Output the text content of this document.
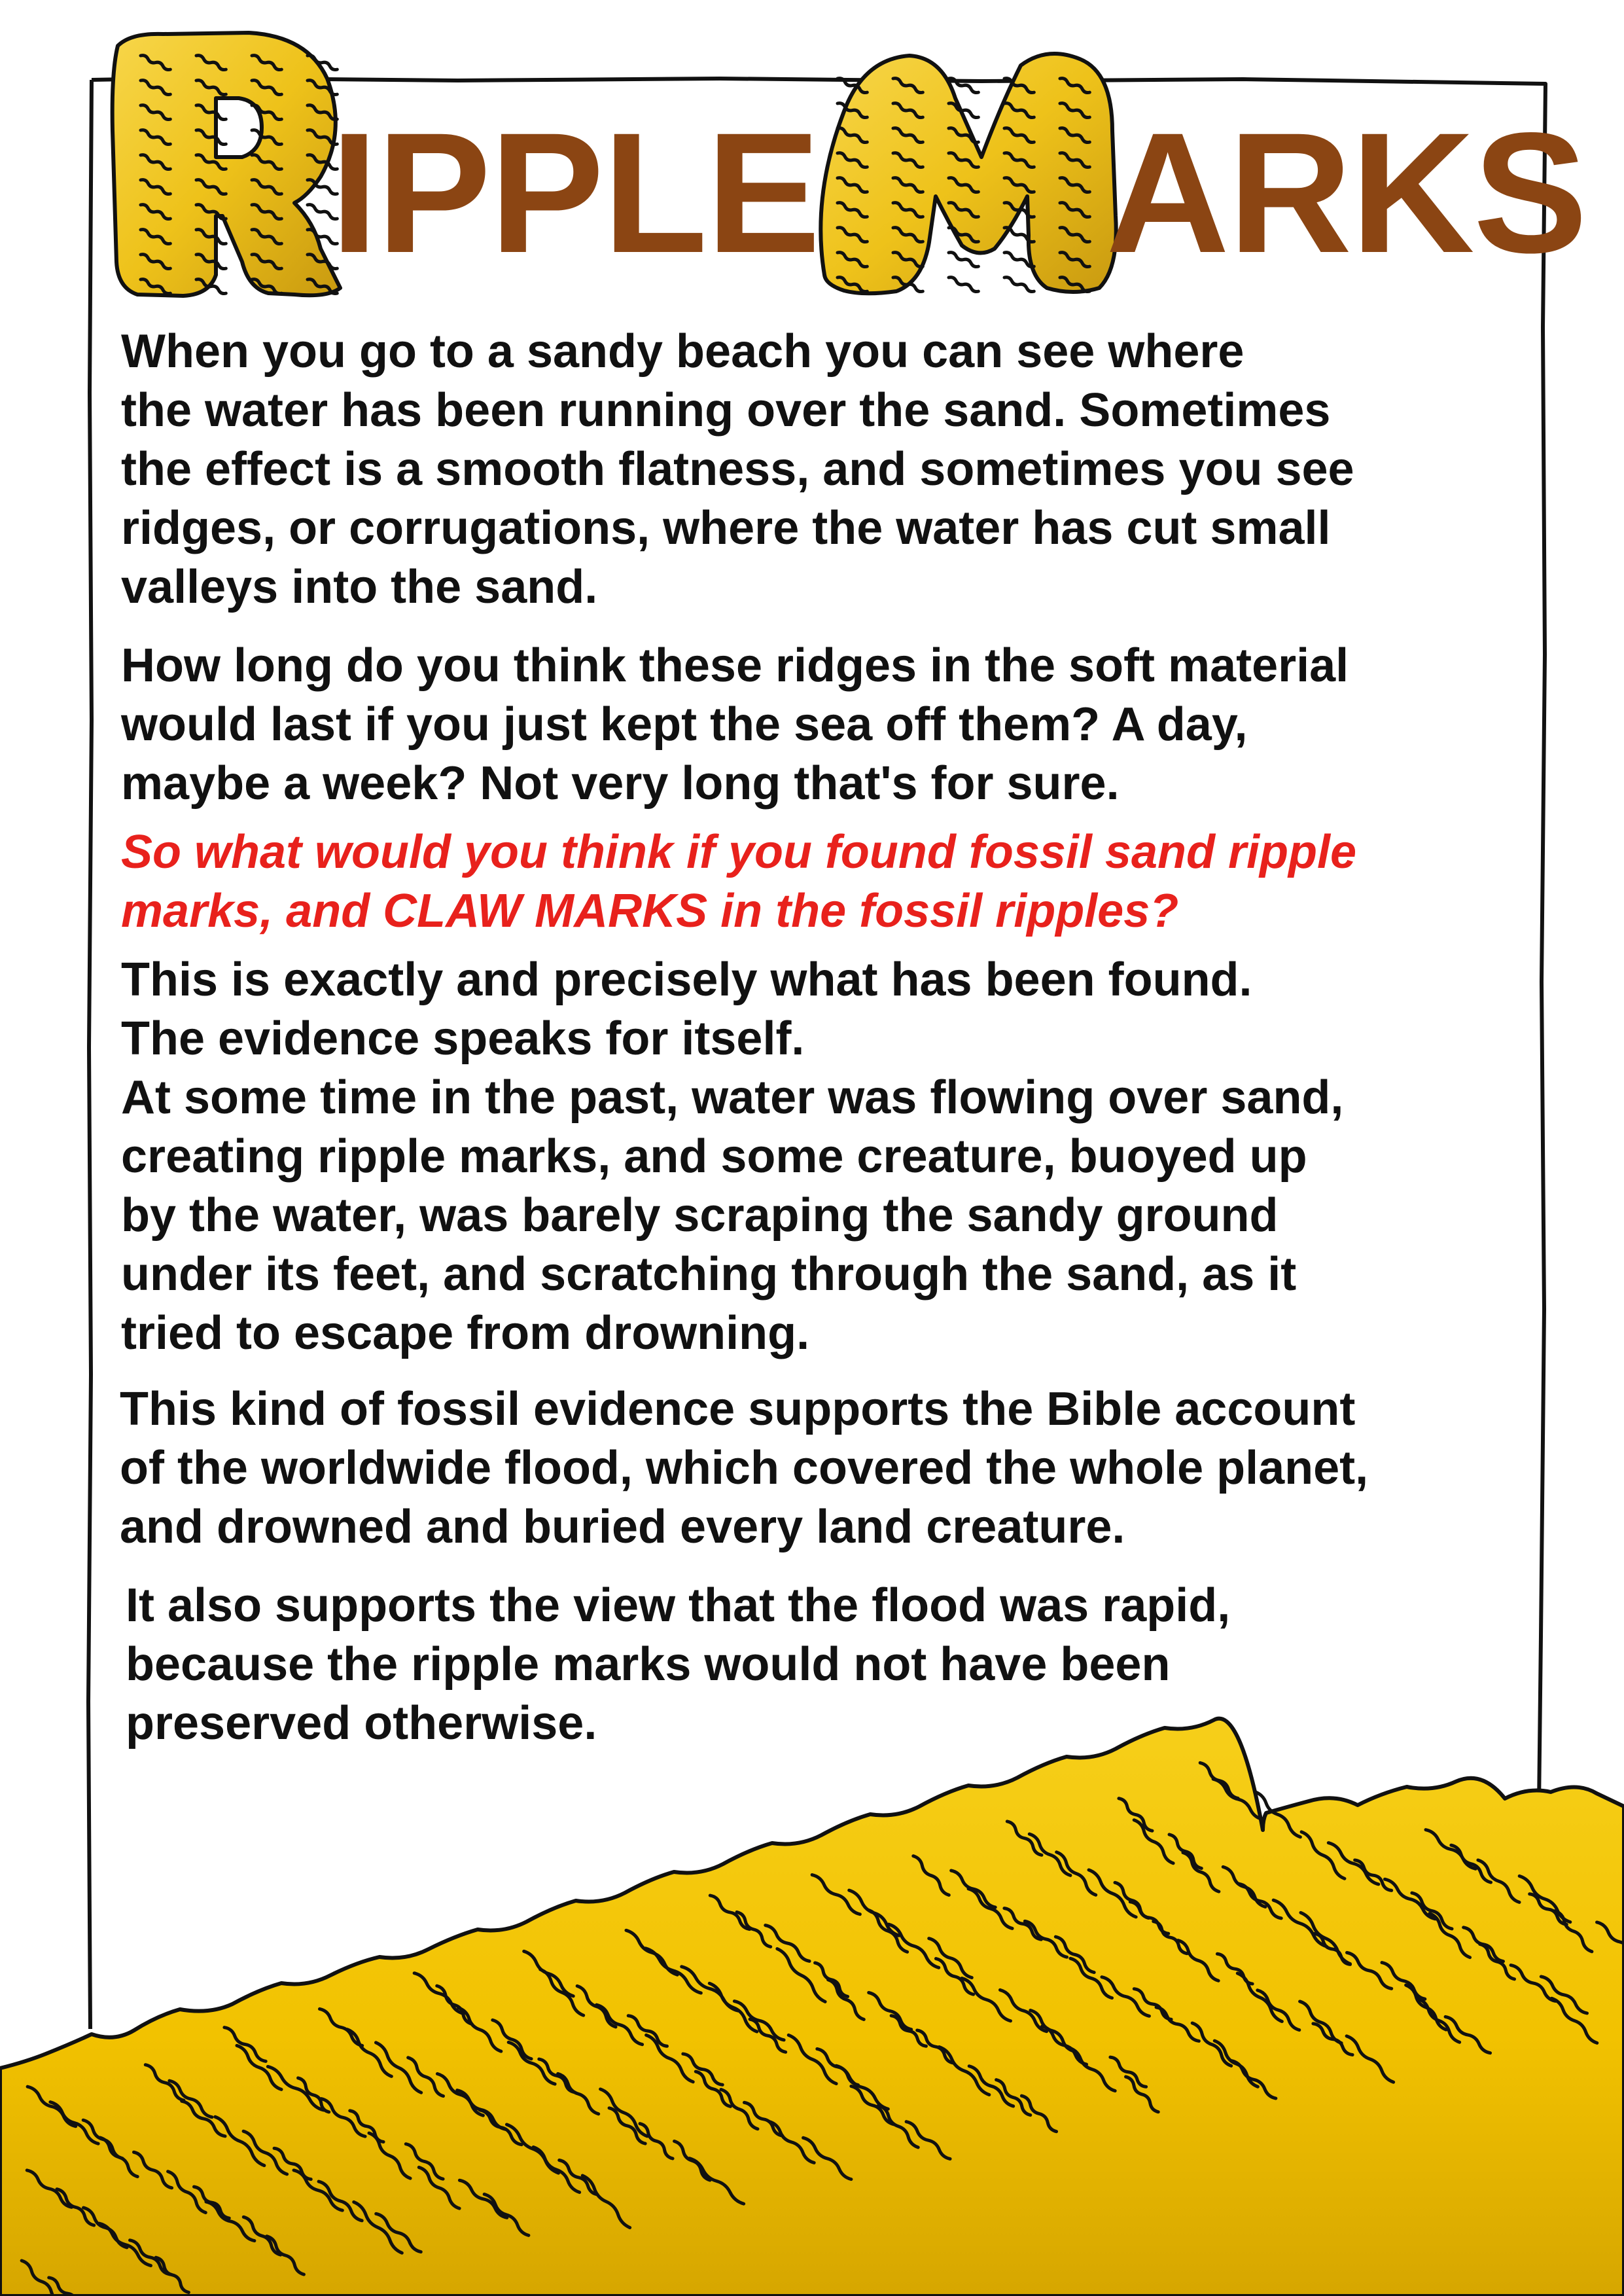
IPPLE ARKS

When you go to a sandy beach you can see where
the water has been running over the sand. Sometimes
the effect is a smooth flatness, and sometimes you see
ridges, or corrugations, where the water has cut small
valleys into the sand.

How long do you think these ridges in the soft material
would last if you just kept the sea off them? A day,
maybe a week? Not very long that's for sure.

So what would you think if you found fossil sand ripple
marks, and CLAW MARKS in the fossil ripples?

This is exactly and precisely what has been found.
The evidence speaks for itself.
At some time in the past, water was flowing over sand,
creating ripple marks, and some creature, buoyed up
by the water, was barely scraping the sandy ground
under its feet, and scratching through the sand, as it
tried to escape from drowning.

This kind of fossil evidence supports the Bible account
of the worldwide flood, which covered the whole planet,
and drowned and buried every land creature.

It also supports the view that the flood was rapid,
because the ripple marks would not have been
preserved otherwise.
